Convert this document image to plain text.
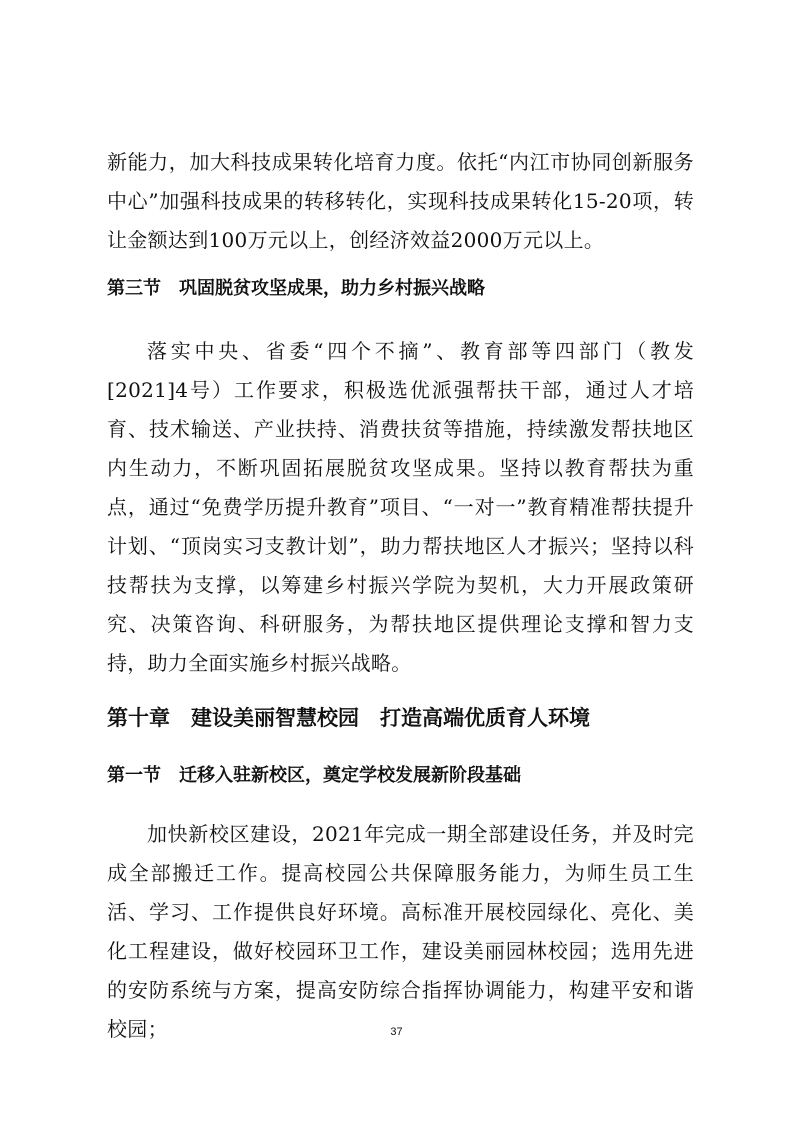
新能力，加大科技成果转化培育力度。依托“内江市协同创新服务中心”加强科技成果的转移转化，实现科技成果转化15-20项，转让金额达到100万元以上，创经济效益2000万元以上。

第三节　巩固脱贫攻坚成果，助力乡村振兴战略

落实中央、省委“四个不摘”、教育部等四部门（教发[2021]4号）工作要求，积极选优派强帮扶干部，通过人才培育、技术输送、产业扶持、消费扶贫等措施，持续激发帮扶地区内生动力，不断巩固拓展脱贫攻坚成果。坚持以教育帮扶为重点，通过“免费学历提升教育”项目、“一对一”教育精准帮扶提升计划、“顶岗实习支教计划”，助力帮扶地区人才振兴；坚持以科技帮扶为支撑，以筹建乡村振兴学院为契机，大力开展政策研究、决策咨询、科研服务，为帮扶地区提供理论支撑和智力支持，助力全面实施乡村振兴战略。

第十章　建设美丽智慧校园　打造高端优质育人环境
第一节　迁移入驻新校区，奠定学校发展新阶段基础

加快新校区建设，2021年完成一期全部建设任务，并及时完成全部搬迁工作。提高校园公共保障服务能力，为师生员工生活、学习、工作提供良好环境。高标准开展校园绿化、亮化、美化工程建设，做好校园环卫工作，建设美丽园林校园；选用先进的安防系统与方案，提高安防综合指挥协调能力，构建平安和谐校园；	37
